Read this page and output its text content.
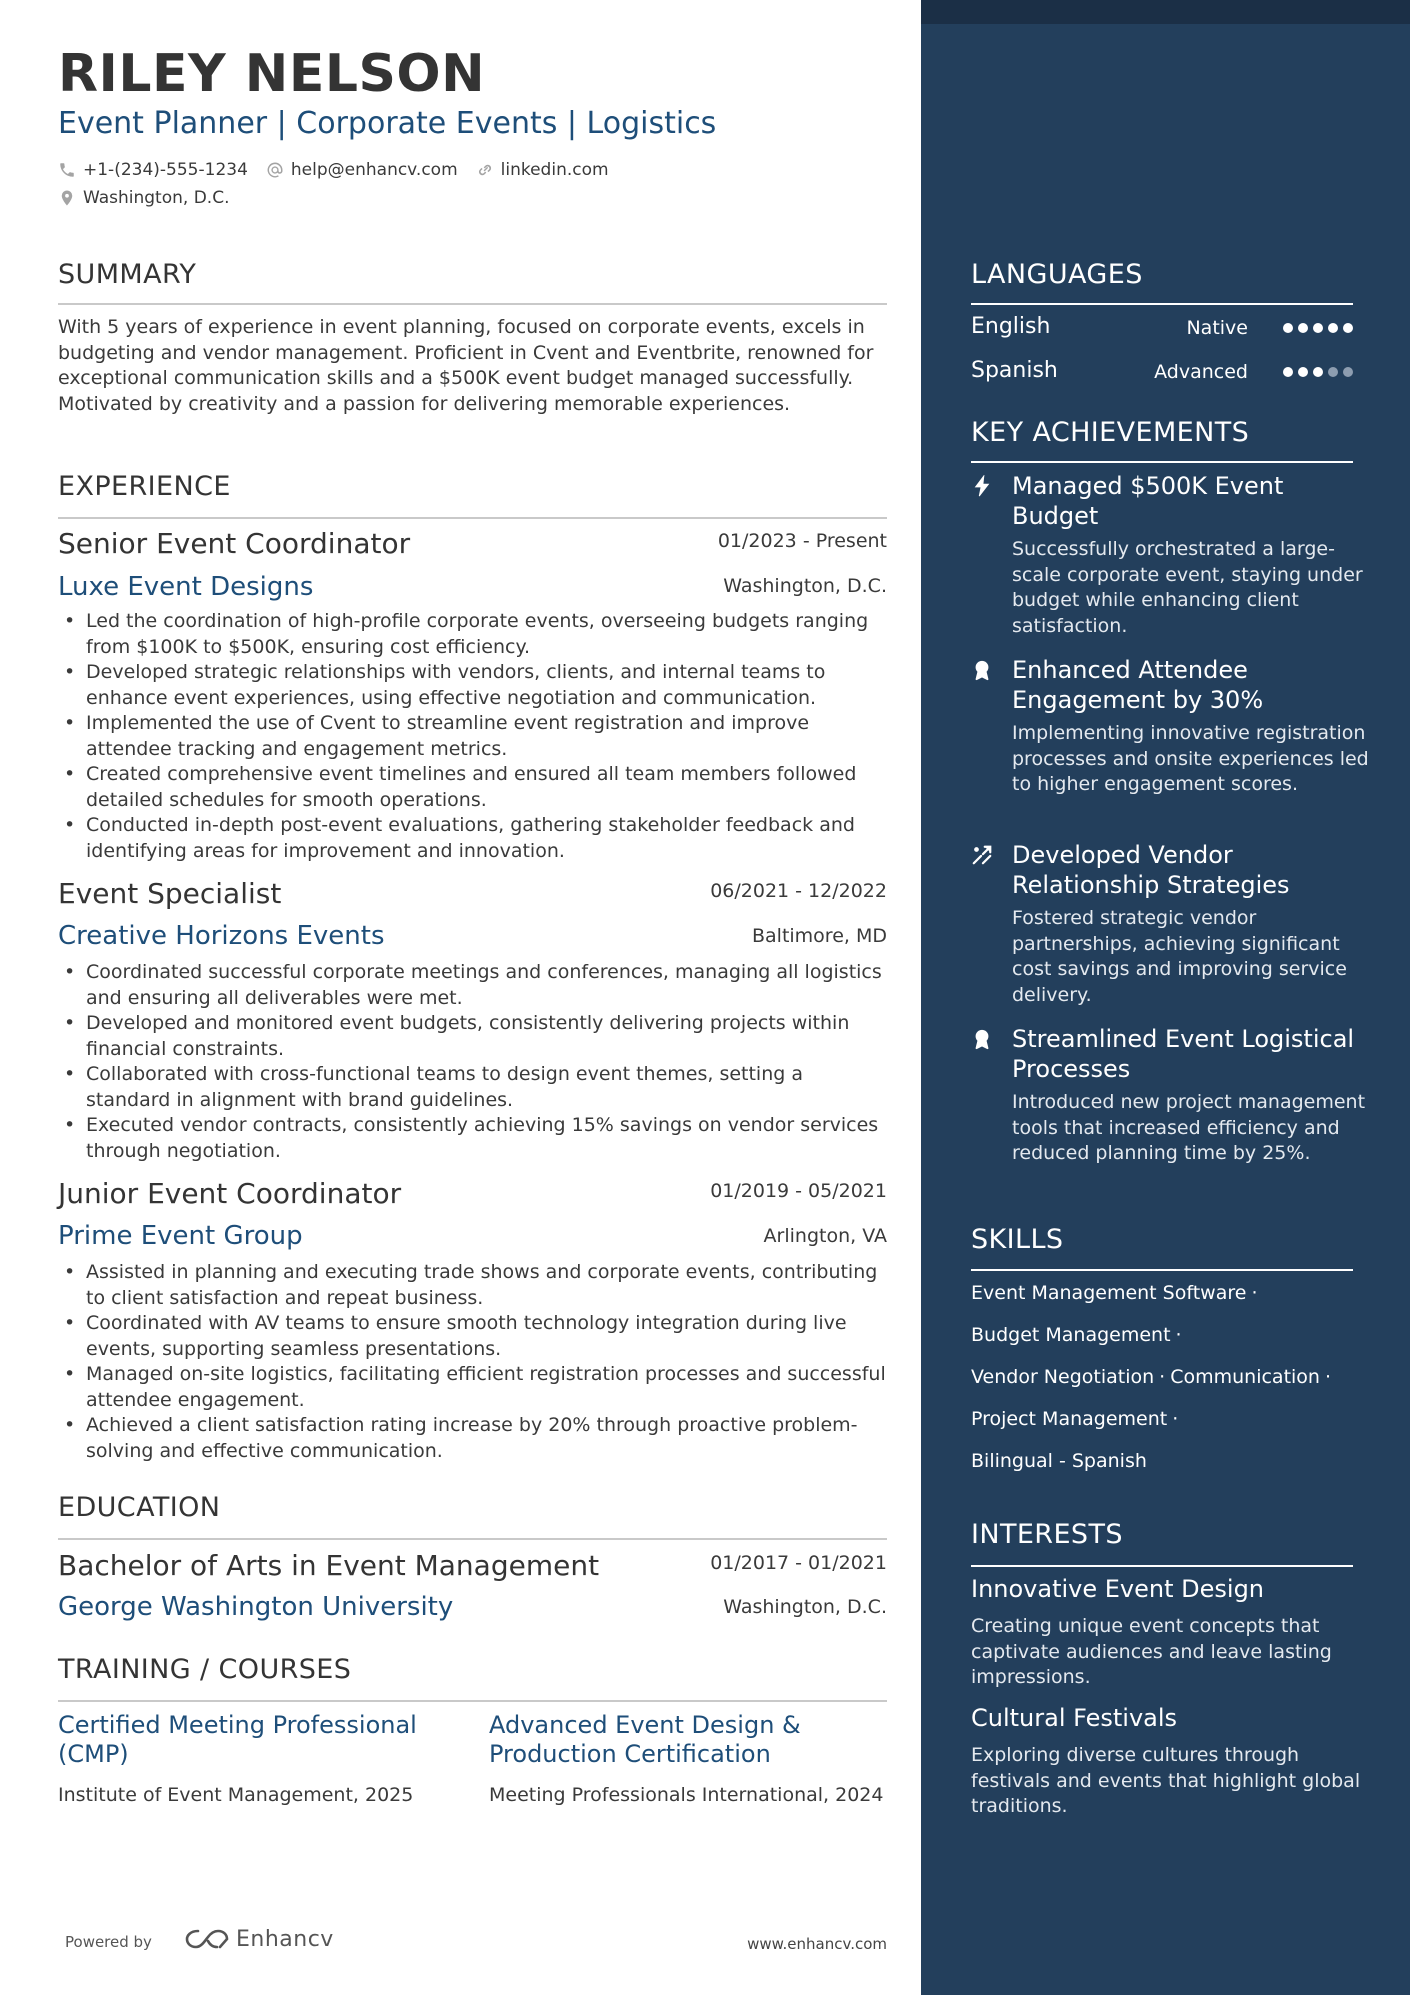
RILEY NELSON
Event Planner | Corporate Events | Logistics
+1-(234)-555-1234	help@enhancv.com	linkedin.com
Washington, D.C.
SUMMARY
With 5 years of experience in event planning, focused on corporate events, excels in budgeting and vendor management. Proficient in Cvent and Eventbrite, renowned for exceptional communication skills and a $500K event budget managed successfully. Motivated by creativity and a passion for delivering memorable experiences.
EXPERIENCE
Senior Event Coordinator	01/2023 - Present
Luxe Event Designs	Washington, D.C.
• Led the coordination of high-profile corporate events, overseeing budgets ranging from $100K to $500K, ensuring cost efficiency.
• Developed strategic relationships with vendors, clients, and internal teams to enhance event experiences, using effective negotiation and communication.
• Implemented the use of Cvent to streamline event registration and improve attendee tracking and engagement metrics.
• Created comprehensive event timelines and ensured all team members followed detailed schedules for smooth operations.
• Conducted in-depth post-event evaluations, gathering stakeholder feedback and identifying areas for improvement and innovation.
Event Specialist	06/2021 - 12/2022
Creative Horizons Events	Baltimore, MD
• Coordinated successful corporate meetings and conferences, managing all logistics and ensuring all deliverables were met.
• Developed and monitored event budgets, consistently delivering projects within financial constraints.
• Collaborated with cross-functional teams to design event themes, setting a standard in alignment with brand guidelines.
• Executed vendor contracts, consistently achieving 15% savings on vendor services through negotiation.
Junior Event Coordinator	01/2019 - 05/2021
Prime Event Group	Arlington, VA
• Assisted in planning and executing trade shows and corporate events, contributing to client satisfaction and repeat business.
• Coordinated with AV teams to ensure smooth technology integration during live events, supporting seamless presentations.
• Managed on-site logistics, facilitating efficient registration processes and successful attendee engagement.
• Achieved a client satisfaction rating increase by 20% through proactive problem-solving and effective communication.
EDUCATION
Bachelor of Arts in Event Management	01/2017 - 01/2021
George Washington University	Washington, D.C.
TRAINING / COURSES
Certified Meeting Professional (CMP)
Institute of Event Management, 2025
Advanced Event Design & Production Certification
Meeting Professionals International, 2024
Powered by	Enhancv	www.enhancv.com
LANGUAGES
English	Native
Spanish	Advanced
KEY ACHIEVEMENTS
Managed $500K Event Budget
Successfully orchestrated a large-scale corporate event, staying under budget while enhancing client satisfaction.
Enhanced Attendee Engagement by 30%
Implementing innovative registration processes and onsite experiences led to higher engagement scores.
Developed Vendor Relationship Strategies
Fostered strategic vendor partnerships, achieving significant cost savings and improving service delivery.
Streamlined Event Logistical Processes
Introduced new project management tools that increased efficiency and reduced planning time by 25%.
SKILLS
Event Management Software ·
Budget Management ·
Vendor Negotiation · Communication ·
Project Management ·
Bilingual - Spanish
INTERESTS
Innovative Event Design
Creating unique event concepts that captivate audiences and leave lasting impressions.
Cultural Festivals
Exploring diverse cultures through festivals and events that highlight global traditions.
